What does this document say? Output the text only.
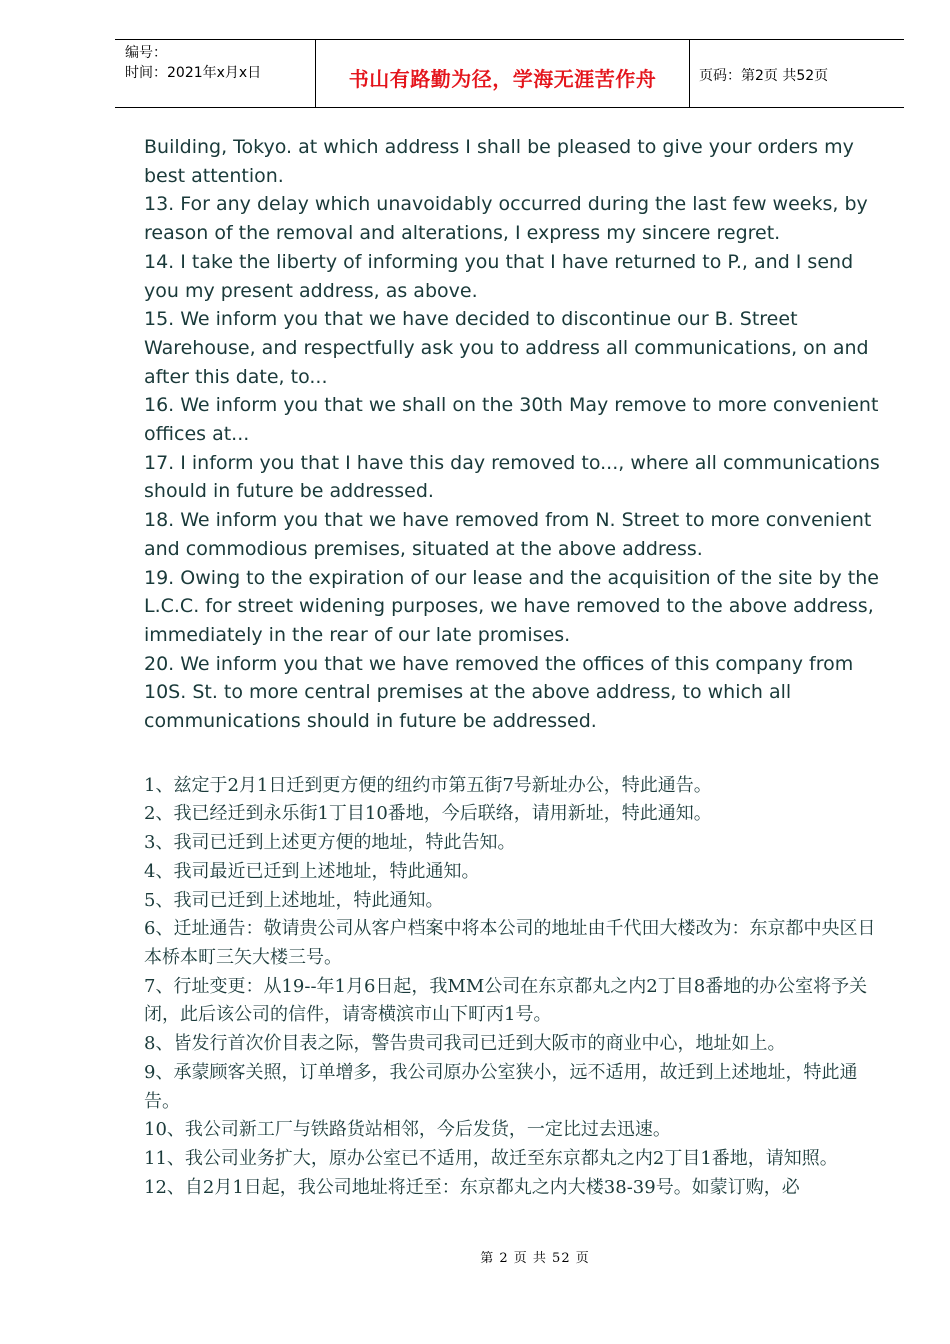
编号：
时间：2021年x月x日	书山有路勤为径，学海无涯苦作舟	页码：第2页 共52页

Building, Tokyo. at which address I shall be pleased to give your orders my best attention.

13. For any delay which unavoidably occurred during the last few weeks, by reason of the removal and alterations, I express my sincere regret.

14. I take the liberty of informing you that I have returned to P., and I send you my present address, as above.

15. We inform you that we have decided to discontinue our B. Street Warehouse, and respectfully ask you to address all communications, on and after this date, to...

16. We inform you that we shall on the 30th May remove to more convenient offices at...

17. I inform you that I have this day removed to..., where all communications should in future be addressed.

18. We inform you that we have removed from N. Street to more convenient and commodious premises, situated at the above address.

19. Owing to the expiration of our lease and the acquisition of the site by the L.C.C. for street widening purposes, we have removed to the above address, immediately in the rear of our late promises.

20. We inform you that we have removed the offices of this company from 10S. St. to more central premises at the above address, to which all communications should in future be addressed.

1、兹定于2月1日迁到更方便的纽约市第五街7号新址办公，特此通告。

2、我已经迁到永乐街1丁目10番地，今后联络，请用新址，特此通知。

3、我司已迁到上述更方便的地址，特此告知。

4、我司最近已迁到上述地址，特此通知。

5、我司已迁到上述地址，特此通知。

6、迁址通告：敬请贵公司从客户档案中将本公司的地址由千代田大楼改为：东京都中央区日本桥本町三矢大楼三号。

7、行址变更：从19--年1月6日起，我MM公司在东京都丸之内2丁目8番地的办公室将予关闭，此后该公司的信件，请寄横滨市山下町丙1号。

8、皆发行首次价目表之际，警告贵司我司已迁到大阪市的商业中心，地址如上。

9、承蒙顾客关照，订单增多，我公司原办公室狭小，远不适用，故迁到上述地址，特此通告。

10、我公司新工厂与铁路货站相邻，今后发货，一定比过去迅速。

11、我公司业务扩大，原办公室已不适用，故迁至东京都丸之内2丁目1番地，请知照。

12、自2月1日起，我公司地址将迁至：东京都丸之内大楼38-39号。如蒙订购，必

第 2 页 共 52 页
